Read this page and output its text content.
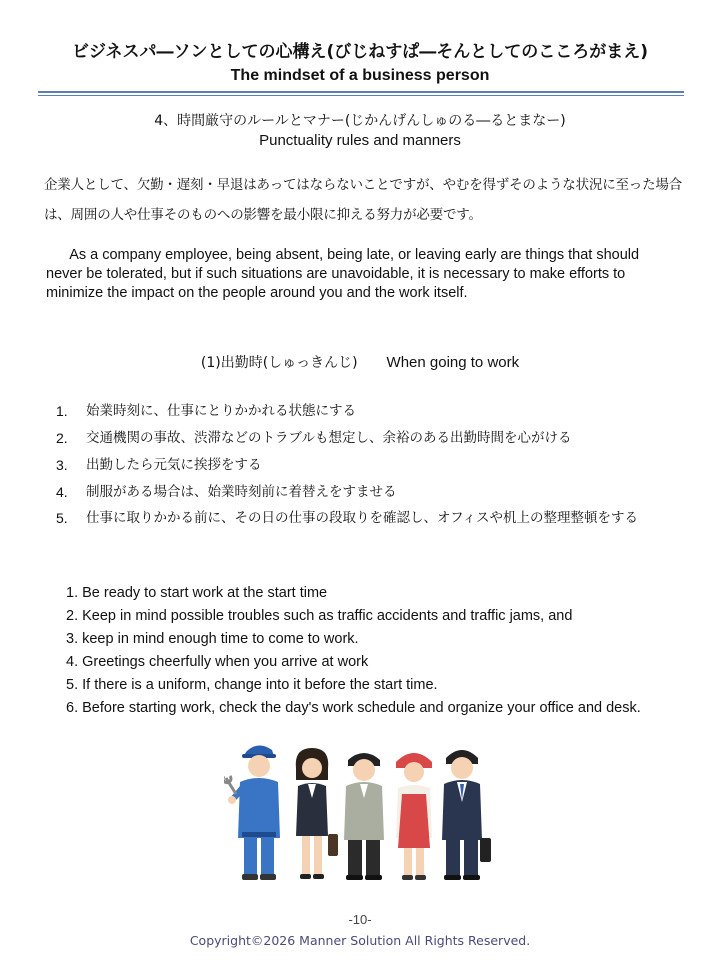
ビジネスパ―ソンとしての心構え(びじねすぱ―そんとしてのこころがまえ)
The mindset of a business person
4、時間厳守のルールとマナー(じかんげんしゅのる―るとまなー)
Punctuality rules and manners
企業人として、欠勤・遅刻・早退はあってはならないことですが、やむを得ずそのような状況に至った場合は、周囲の人や仕事そのものへの影響を最小限に抑える努力が必要です。
As a company employee, being absent, being late, or leaving early are things that should never be tolerated, but if such situations are unavoidable, it is necessary to make efforts to minimize the impact on the people around you and the work itself.
(1)出勤時(しゅっきんじ) When going to work
1. 始業時刻に、仕事にとりかかれる状態にする
2. 交通機関の事故、渋滞などのトラブルも想定し、余裕のある出勤時間を心がける
3. 出勤したら元気に挨拶をする
4. 制服がある場合は、始業時刻前に着替えをすませる
5. 仕事に取りかかる前に、その日の仕事の段取りを確認し、オフィスや机上の整理整頓をする
1. Be ready to start work at the start time
2. Keep in mind possible troubles such as traffic accidents and traffic jams, and
3. keep in mind enough time to come to work.
4. Greetings cheerfully when you arrive at work
5. If there is a uniform, change into it before the start time.
6. Before starting work, check the day's work schedule and organize your office and desk.
-10-
Copyright©2026 Manner Solution All Rights Reserved.
